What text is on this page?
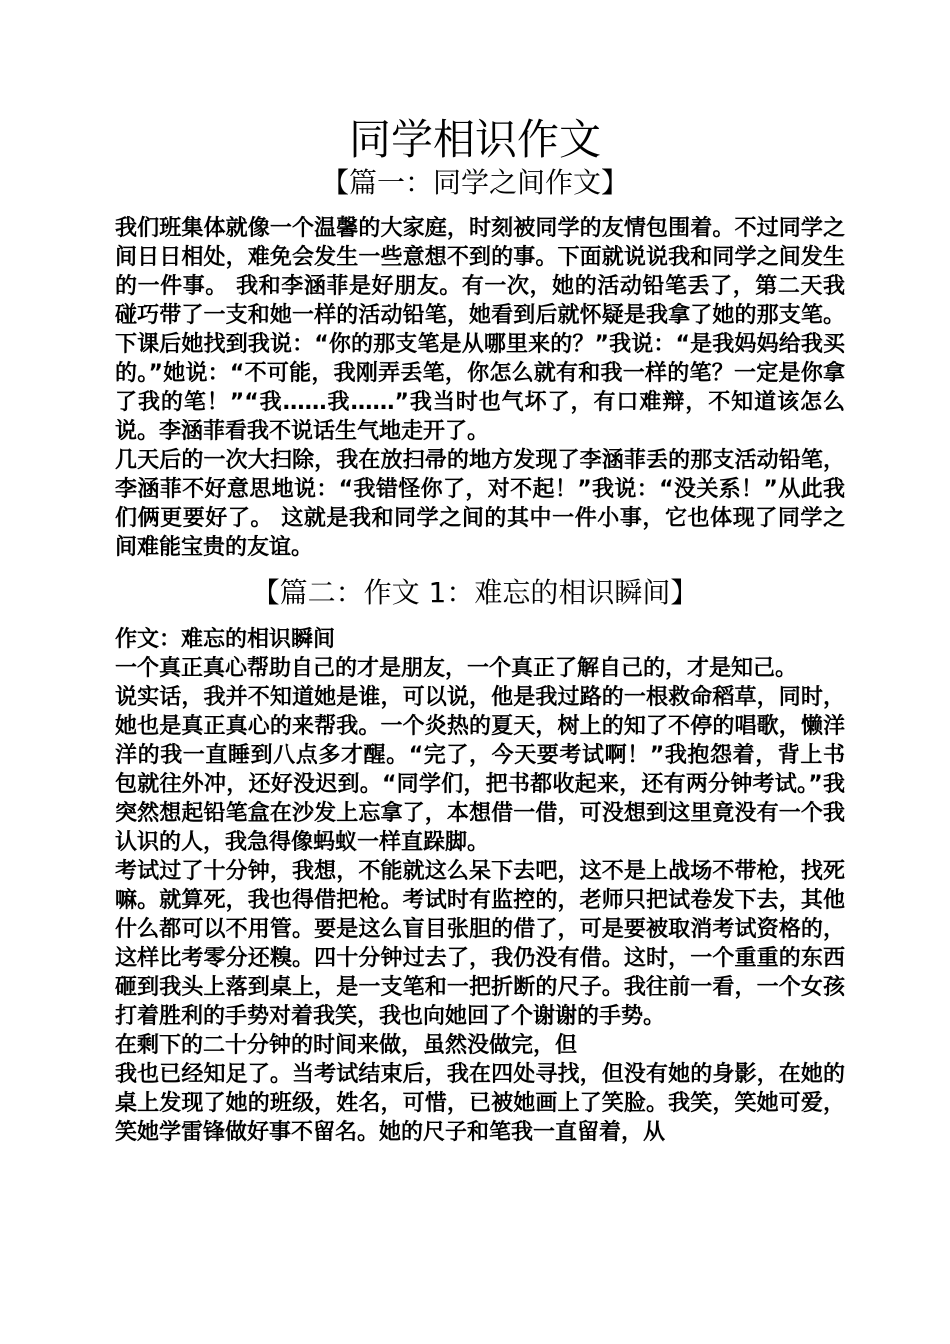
同学相识作文
【篇一：同学之间作文】

我们班集体就像一个温馨的大家庭，时刻被同学的友情包围着。不过同学之间日日相处，难免会发生一些意想不到的事。下面就说说我和同学之间发生的一件事。 我和李涵菲是好朋友。有一次，她的活动铅笔丢了，第二天我碰巧带了一支和她一样的活动铅笔，她看到后就怀疑是我拿了她的那支笔。下课后她找到我说：“你的那支笔是从哪里来的？”我说：“是我妈妈给我买的。”她说：“不可能，我刚弄丢笔，你怎么就有和我一样的笔？一定是你拿了我的笔！”“我……我……”我当时也气坏了，有口难辩，不知道该怎么说。李涵菲看我不说话生气地走开了。

几天后的一次大扫除，我在放扫帚的地方发现了李涵菲丢的那支活动铅笔，李涵菲不好意思地说：“我错怪你了，对不起！”我说：“没关系！”从此我们俩更要好了。 这就是我和同学之间的其中一件小事，它也体现了同学之间难能宝贵的友谊。

【篇二：作文 1：难忘的相识瞬间】

作文：难忘的相识瞬间

一个真正真心帮助自己的才是朋友，一个真正了解自己的，才是知己。

说实话，我并不知道她是谁，可以说，他是我过路的一根救命稻草，同时，她也是真正真心的来帮我。一个炎热的夏天，树上的知了不停的唱歌，懒洋洋的我一直睡到八点多才醒。“完了，今天要考试啊！”我抱怨着，背上书包就往外冲，还好没迟到。“同学们，把书都收起来，还有两分钟考试。”我突然想起铅笔盒在沙发上忘拿了，本想借一借，可没想到这里竟没有一个我认识的人，我急得像蚂蚁一样直跺脚。

考试过了十分钟，我想，不能就这么呆下去吧，这不是上战场不带枪，找死嘛。就算死，我也得借把枪。考试时有监控的，老师只把试卷发下去，其他什么都可以不用管。要是这么盲目张胆的借了，可是要被取消考试资格的，这样比考零分还糗。四十分钟过去了，我仍没有借。这时，一个重重的东西砸到我头上落到桌上，是一支笔和一把折断的尺子。我往前一看，一个女孩打着胜利的手势对着我笑，我也向她回了个谢谢的手势。

在剩下的二十分钟的时间来做，虽然没做完，但

我也已经知足了。当考试结束后，我在四处寻找，但没有她的身影，在她的桌上发现了她的班级，姓名，可惜，已被她画上了笑脸。我笑，笑她可爱，笑她学雷锋做好事不留名。她的尺子和笔我一直留着，从
